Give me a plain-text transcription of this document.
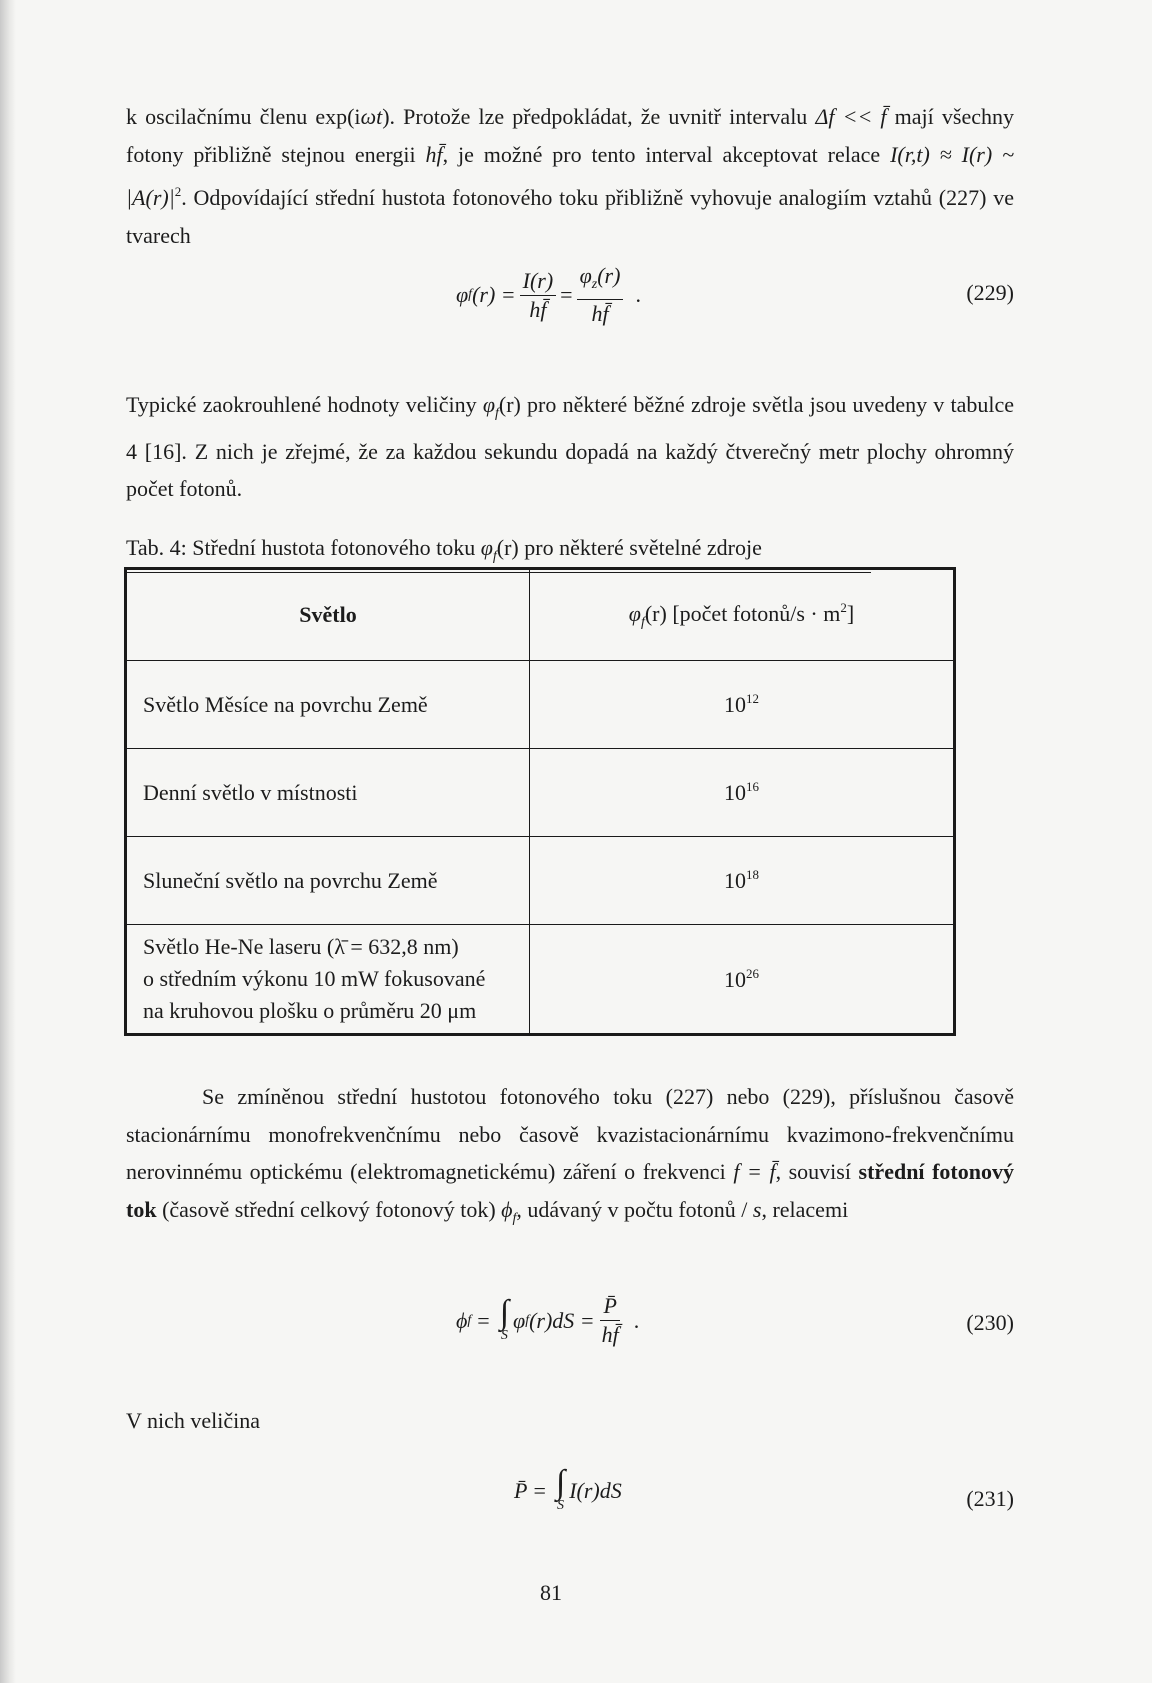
k oscilačnímu členu exp(iωt). Protože lze předpokládat, že uvnitř intervalu Δf << f̄ mají všechny fotony přibližně stejnou energii hf̄, je možné pro tento interval akceptovat relace I(r,t) ≈ I(r) ~ $|A(r)|^2$. Odpovídající střední hustota fotonového toku přibližně vyhovuje analogiím vztahů (227) ve tvarech

φ f $(r) = \frac{I(r)}{hf̄} = \frac{\varphi_z(r)}{hf̄}$ .	(229)

Typické zaokrouhlené hodnoty veličiny $\varphi_f(r)$ pro některé běžné zdroje světla jsou uvedeny v tabulce 4 [16]. Z nich je zřejmé, že za každou sekundu dopadá na každý čtverečný metr plochy ohromný počet fotonů.

Tab. 4: Střední hustota fotonového toku $\varphi_f(r)$ pro některé světelné zdroje
Světlo	$\varphi_f(r)$ [počet fotonů/s · $m^2$]
Světlo Měsíce na povrchu Země	$10^{12}$
Denní světlo v místnosti	$10^{16}$
Sluneční světlo na povrchu Země	$10^{18}$

Světlo He-Ne laseru (λ̄ = 632,8 nm)
o středním výkonu 10 mW fokusované
na kruhovou plošku o průměru 20 μm	$10^{26}$

Se zmíněnou střední hustotou fotonového toku (227) nebo (229), příslušnou časově stacionárnímu monofrekvenčnímu nebo časově kvazistacionárnímu kvazimono-frekvenčnímu nerovinnému optickému (elektromagnetickému) záření o frekvenci f = f̄, souvisí střední fotonový tok (časově střední celkový fotonový tok) $\phi_f$, udávaný v počtu fotonů / s, relacemi

ϕ f = ∫
S
φ f $(r)dS = \frac{P̄}{hf̄}$ .	(230)

V nich veličina

P̄ = ∫
S
I(r)dS	(231)
81
